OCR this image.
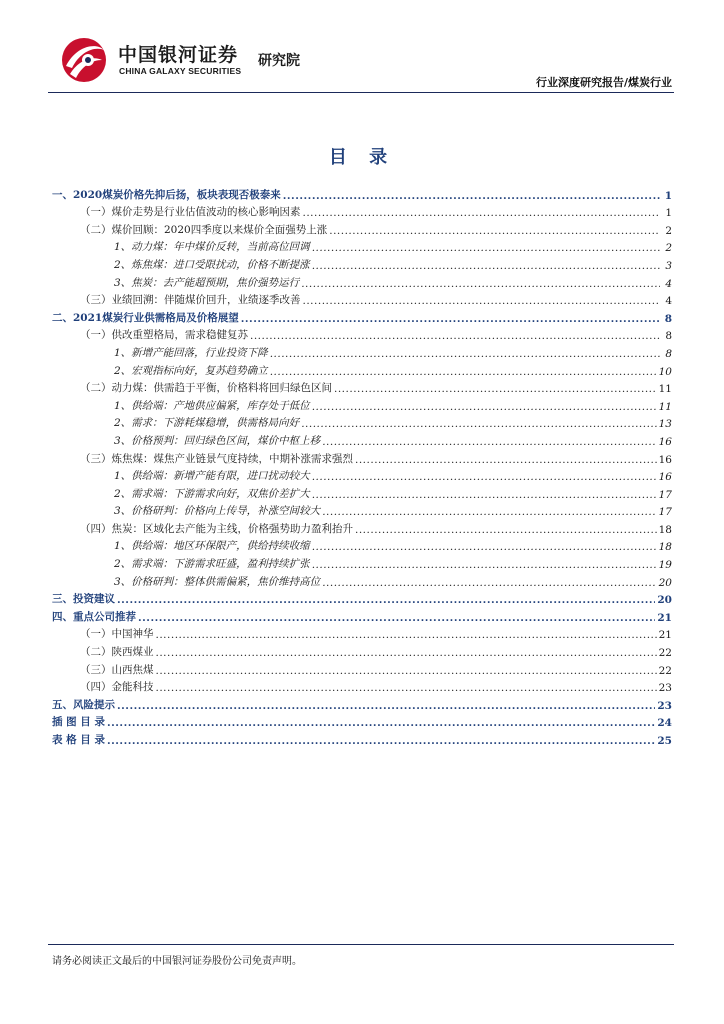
中国银河证券
CHINA GALAXY SECURITIES
研究院
行业深度研究报告/煤炭行业
目 录
一、2020煤炭价格先抑后扬，板块表现否极泰来 .....	1
（一）煤价走势是行业估值波动的核心影响因素 .....	1
（二）煤价回顾：2020四季度以来煤价全面强势上涨 .....	2
1、动力煤：年中煤价反转，当前高位回调 .....	2
2、炼焦煤：进口受限扰动，价格不断提涨 .....	3
3、焦炭：去产能超预期，焦价强势运行 .....	4
（三）业绩回溯：伴随煤价回升，业绩逐季改善 .....	4
二、2021煤炭行业供需格局及价格展望 .....	8
（一）供改重塑格局，需求稳健复苏 .....	8
1、新增产能回落，行业投资下降 .....	8
2、宏观指标向好，复苏趋势确立 .....	10
（二）动力煤：供需趋于平衡，价格料将回归绿色区间 .....	11
1、供给端：产地供应偏紧，库存处于低位 .....	11
2、需求：下游耗煤稳增，供需格局向好 .....	13
3、价格预判：回归绿色区间，煤价中枢上移 .....	16
（三）炼焦煤：煤焦产业链景气度持续，中期补涨需求强烈 .....	16
1、供给端：新增产能有限，进口扰动较大 .....	16
2、需求端：下游需求向好，双焦价差扩大 .....	17
3、价格研判：价格向上传导，补涨空间较大 .....	17
（四）焦炭：区域化去产能为主线，价格强势助力盈利抬升 .....	18
1、供给端：地区环保限产，供给持续收缩 .....	18
2、需求端：下游需求旺盛，盈利持续扩张 .....	19
3、价格研判：整体供需偏紧，焦价维持高位 .....	20
三、投资建议 .....	20
四、重点公司推荐 .....	21
（一）中国神华 .....	21
（二）陕西煤业 .....	22
（三）山西焦煤 .....	22
（四）金能科技 .....	23
五、风险提示 .....	23
插 图 目 录 .....	24
表 格 目 录 .....	25
请务必阅读正文最后的中国银河证券股份公司免责声明。
